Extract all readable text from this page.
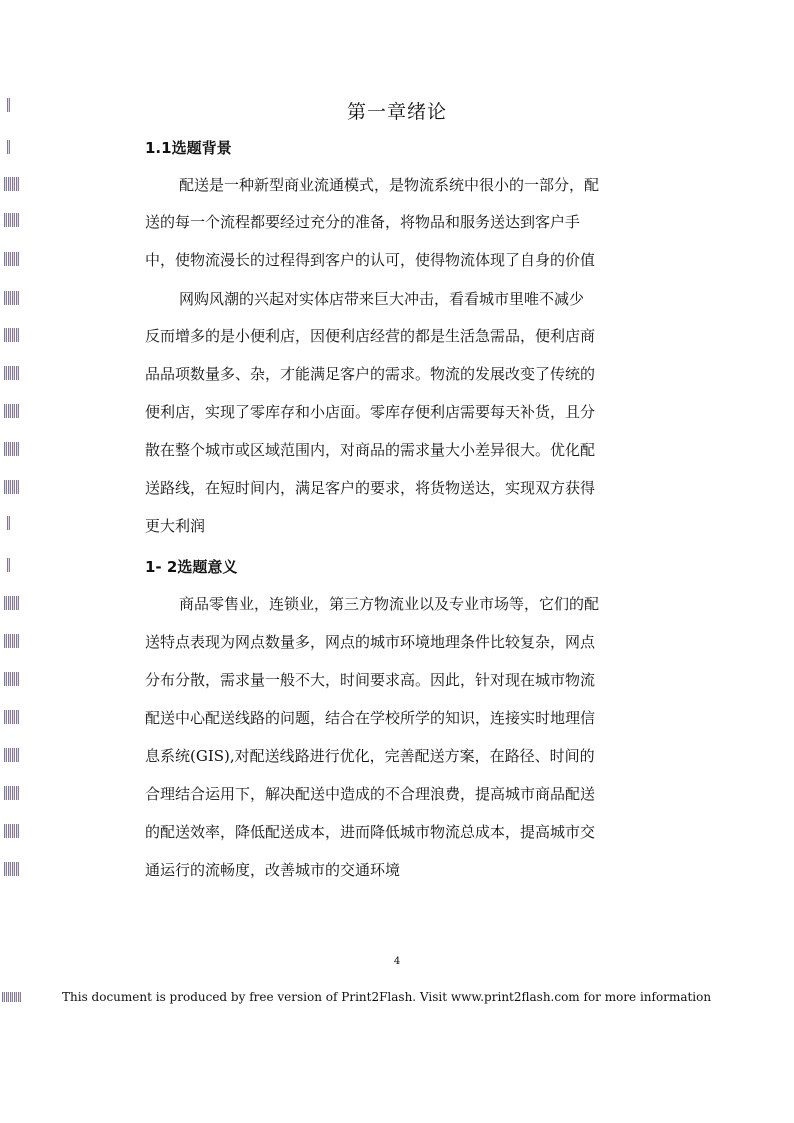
第一章绪论
1.1选题背景
配送是一种新型商业流通模式，是物流系统中很小的一部分，配
送的每一个流程都要经过充分的准备，将物品和服务送达到客户手
中，使物流漫长的过程得到客户的认可，使得物流体现了自身的价值
网购风潮的兴起对实体店带来巨大冲击，看看城市里唯不减少
反而增多的是小便利店，因便利店经营的都是生活急需品，便利店商
品品项数量多、杂，才能满足客户的需求。物流的发展改变了传统的
便利店，实现了零库存和小店面。零库存便利店需要每天补货，且分
散在整个城市或区域范围内，对商品的需求量大小差异很大。优化配
送路线，在短时间内，满足客户的要求，将货物送达，实现双方获得
更大利润
1- 2选题意义
商品零售业，连锁业，第三方物流业以及专业市场等，它们的配
送特点表现为网点数量多，网点的城市环境地理条件比较复杂，网点
分布分散，需求量一般不大，时间要求高。因此，针对现在城市物流
配送中心配送线路的问题，结合在学校所学的知识，连接实时地理信
息系统(GIS),对配送线路进行优化，完善配送方案，在路径、时间的
合理结合运用下，解决配送中造成的不合理浪费，提高城市商品配送
的配送效率，降低配送成本，进而降低城市物流总成本，提高城市交
通运行的流畅度，改善城市的交通环境
4
This document is produced by free version of Print2Flash. Visit www.print2flash.com for more information
